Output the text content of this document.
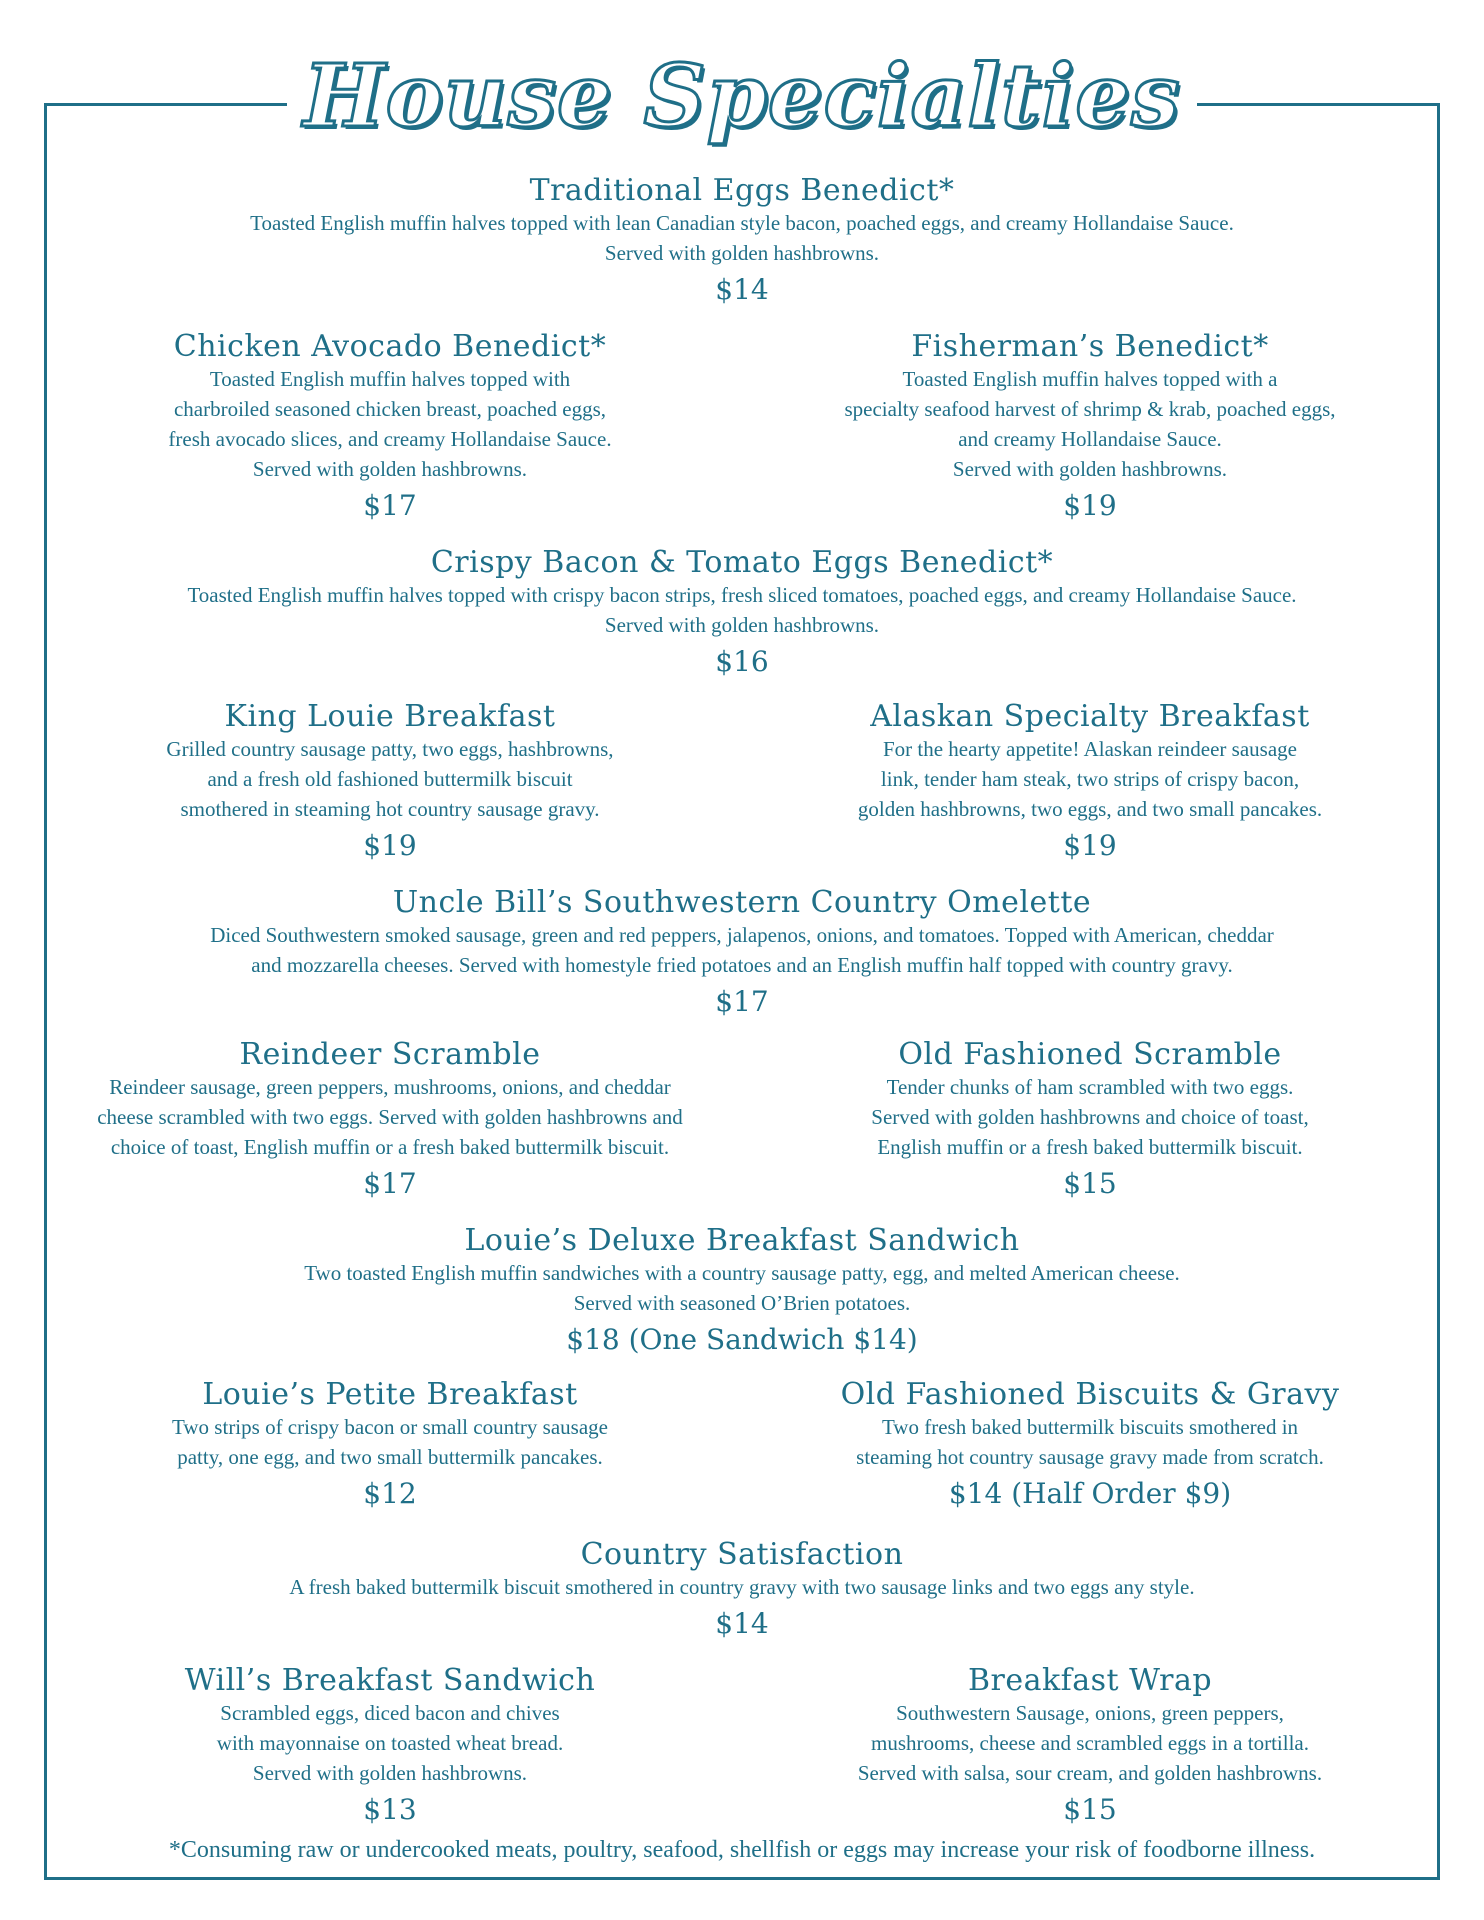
House Specialties
Traditional Eggs Benedict*
Toasted English muffin halves topped with lean Canadian style bacon, poached eggs, and creamy Hollandaise Sauce.
Served with golden hashbrowns.
$14
Chicken Avocado Benedict*
Toasted English muffin halves topped with
charbroiled seasoned chicken breast, poached eggs,
fresh avocado slices, and creamy Hollandaise Sauce.
Served with golden hashbrowns.
$17
Fisherman’s Benedict*
Toasted English muffin halves topped with a
specialty seafood harvest of shrimp & krab, poached eggs,
and creamy Hollandaise Sauce.
Served with golden hashbrowns.
$19
Crispy Bacon & Tomato Eggs Benedict*
Toasted English muffin halves topped with crispy bacon strips, fresh sliced tomatoes, poached eggs, and creamy Hollandaise Sauce.
Served with golden hashbrowns.
$16
King Louie Breakfast
Grilled country sausage patty, two eggs, hashbrowns,
and a fresh old fashioned buttermilk biscuit
smothered in steaming hot country sausage gravy.
$19
Alaskan Specialty Breakfast
For the hearty appetite! Alaskan reindeer sausage
link, tender ham steak, two strips of crispy bacon,
golden hashbrowns, two eggs, and two small pancakes.
$19
Uncle Bill’s Southwestern Country Omelette
Diced Southwestern smoked sausage, green and red peppers, jalapenos, onions, and tomatoes. Topped with American, cheddar
and mozzarella cheeses. Served with homestyle fried potatoes and an English muffin half topped with country gravy.
$17
Reindeer Scramble
Reindeer sausage, green peppers, mushrooms, onions, and cheddar
cheese scrambled with two eggs. Served with golden hashbrowns and
choice of toast, English muffin or a fresh baked buttermilk biscuit.
$17
Old Fashioned Scramble
Tender chunks of ham scrambled with two eggs.
Served with golden hashbrowns and choice of toast,
English muffin or a fresh baked buttermilk biscuit.
$15
Louie’s Deluxe Breakfast Sandwich
Two toasted English muffin sandwiches with a country sausage patty, egg, and melted American cheese.
Served with seasoned O’Brien potatoes.
$18 (One Sandwich $14)
Louie’s Petite Breakfast
Two strips of crispy bacon or small country sausage
patty, one egg, and two small buttermilk pancakes.
$12
Old Fashioned Biscuits & Gravy
Two fresh baked buttermilk biscuits smothered in
steaming hot country sausage gravy made from scratch.
$14 (Half Order $9)
Country Satisfaction
A fresh baked buttermilk biscuit smothered in country gravy with two sausage links and two eggs any style.
$14
Will’s Breakfast Sandwich
Scrambled eggs, diced bacon and chives
with mayonnaise on toasted wheat bread.
Served with golden hashbrowns.
$13
Breakfast Wrap
Southwestern Sausage, onions, green peppers,
mushrooms, cheese and scrambled eggs in a tortilla.
Served with salsa, sour cream, and golden hashbrowns.
$15
*Consuming raw or undercooked meats, poultry, seafood, shellfish or eggs may increase your risk of foodborne illness.
